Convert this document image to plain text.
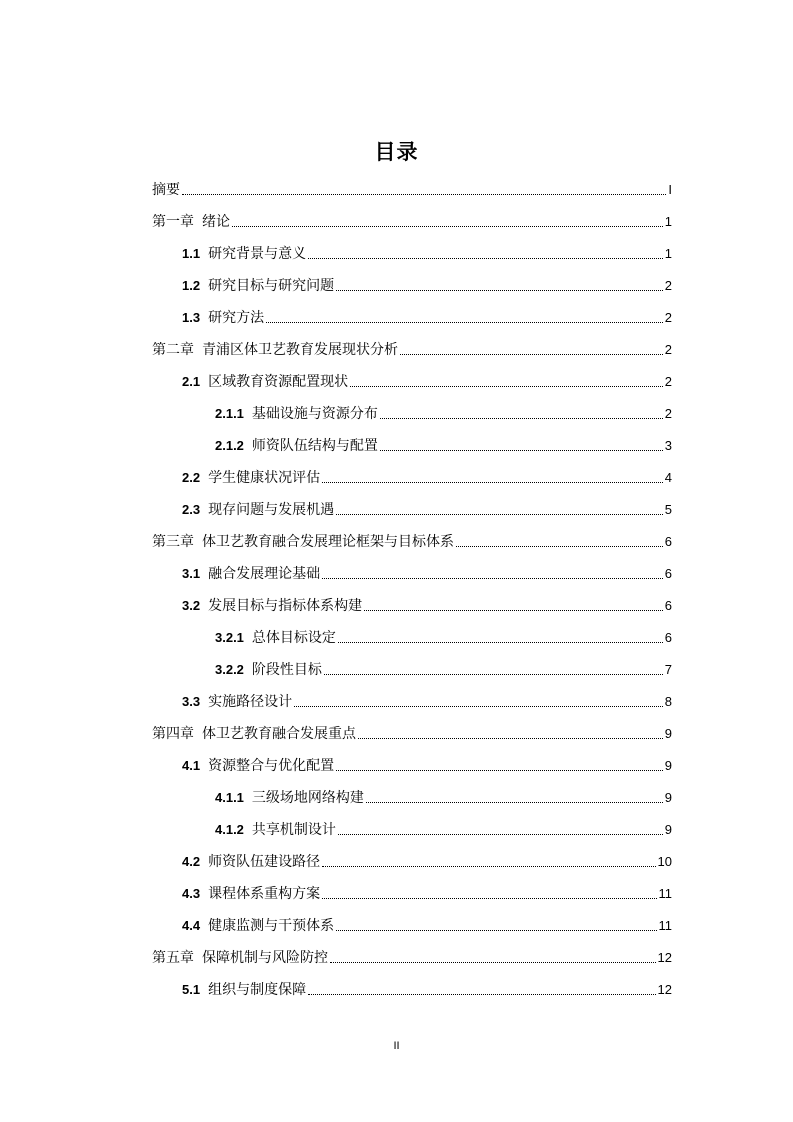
目录
摘要	I
第一章 绪论	1
1.1 研究背景与意义	1
1.2 研究目标与研究问题	2
1.3 研究方法	2
第二章 青浦区体卫艺教育发展现状分析	2
2.1 区域教育资源配置现状	2
2.1.1 基础设施与资源分布	2
2.1.2 师资队伍结构与配置	3
2.2 学生健康状况评估	4
2.3 现存问题与发展机遇	5
第三章 体卫艺教育融合发展理论框架与目标体系	6
3.1 融合发展理论基础	6
3.2 发展目标与指标体系构建	6
3.2.1 总体目标设定	6
3.2.2 阶段性目标	7
3.3 实施路径设计	8
第四章 体卫艺教育融合发展重点	9
4.1 资源整合与优化配置	9
4.1.1 三级场地网络构建	9
4.1.2 共享机制设计	9
4.2 师资队伍建设路径	10
4.3 课程体系重构方案	11
4.4 健康监测与干预体系	11
第五章 保障机制与风险防控	12
5.1 组织与制度保障	12
II
